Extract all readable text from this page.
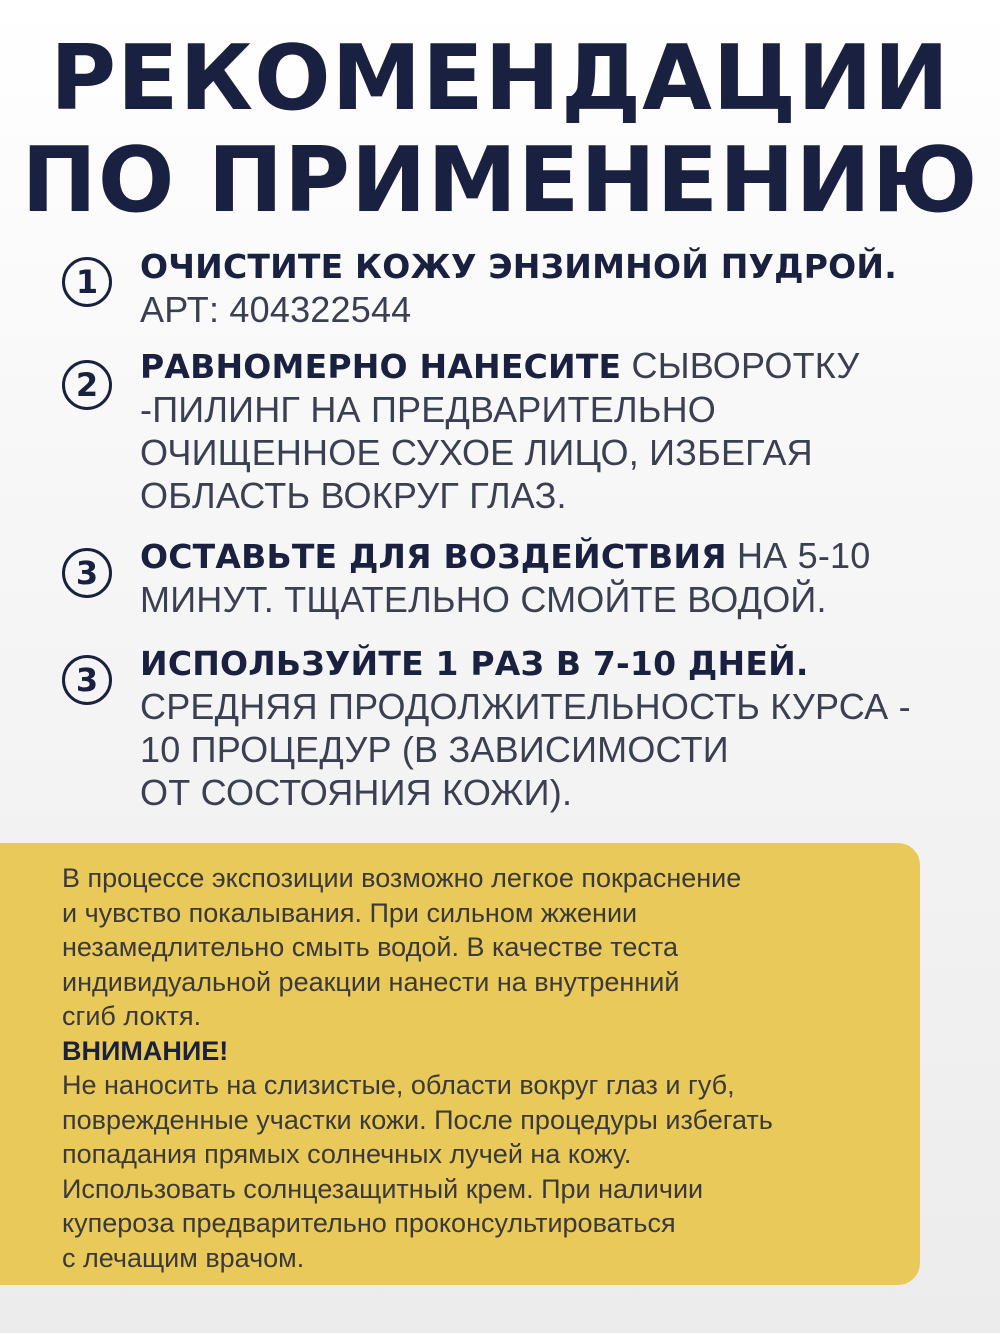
РЕКОМЕНДАЦИИ
ПО ПРИМЕНЕНИЮ
1	ОЧИСТИТЕ КОЖУ ЭНЗИМНОЙ ПУДРОЙ.
АРТ: 404322544
2	РАВНОМЕРНО НАНЕСИТЕ СЫВОРОТКУ
-ПИЛИНГ НА ПРЕДВАРИТЕЛЬНО
ОЧИЩЕННОЕ СУХОЕ ЛИЦО, ИЗБЕГАЯ
ОБЛАСТЬ ВОКРУГ ГЛАЗ.
3	ОСТАВЬТЕ ДЛЯ ВОЗДЕЙСТВИЯ НА 5-10
МИНУТ. ТЩАТЕЛЬНО СМОЙТЕ ВОДОЙ.
3	ИСПОЛЬЗУЙТЕ 1 РАЗ В 7-10 ДНЕЙ.
СРЕДНЯЯ ПРОДОЛЖИТЕЛЬНОСТЬ КУРСА -
10 ПРОЦЕДУР (В ЗАВИСИМОСТИ
ОТ СОСТОЯНИЯ КОЖИ).
В процессе экспозиции возможно легкое покраснение
и чувство покалывания. При сильном жжении
незамедлительно смыть водой. В качестве теста
индивидуальной реакции нанести на внутренний
сгиб локтя.
ВНИМАНИЕ!
Не наносить на слизистые, области вокруг глаз и губ,
поврежденные участки кожи. После процедуры избегать
попадания прямых солнечных лучей на кожу.
Использовать солнцезащитный крем. При наличии
купероза предварительно проконсультироваться
с лечащим врачом.
